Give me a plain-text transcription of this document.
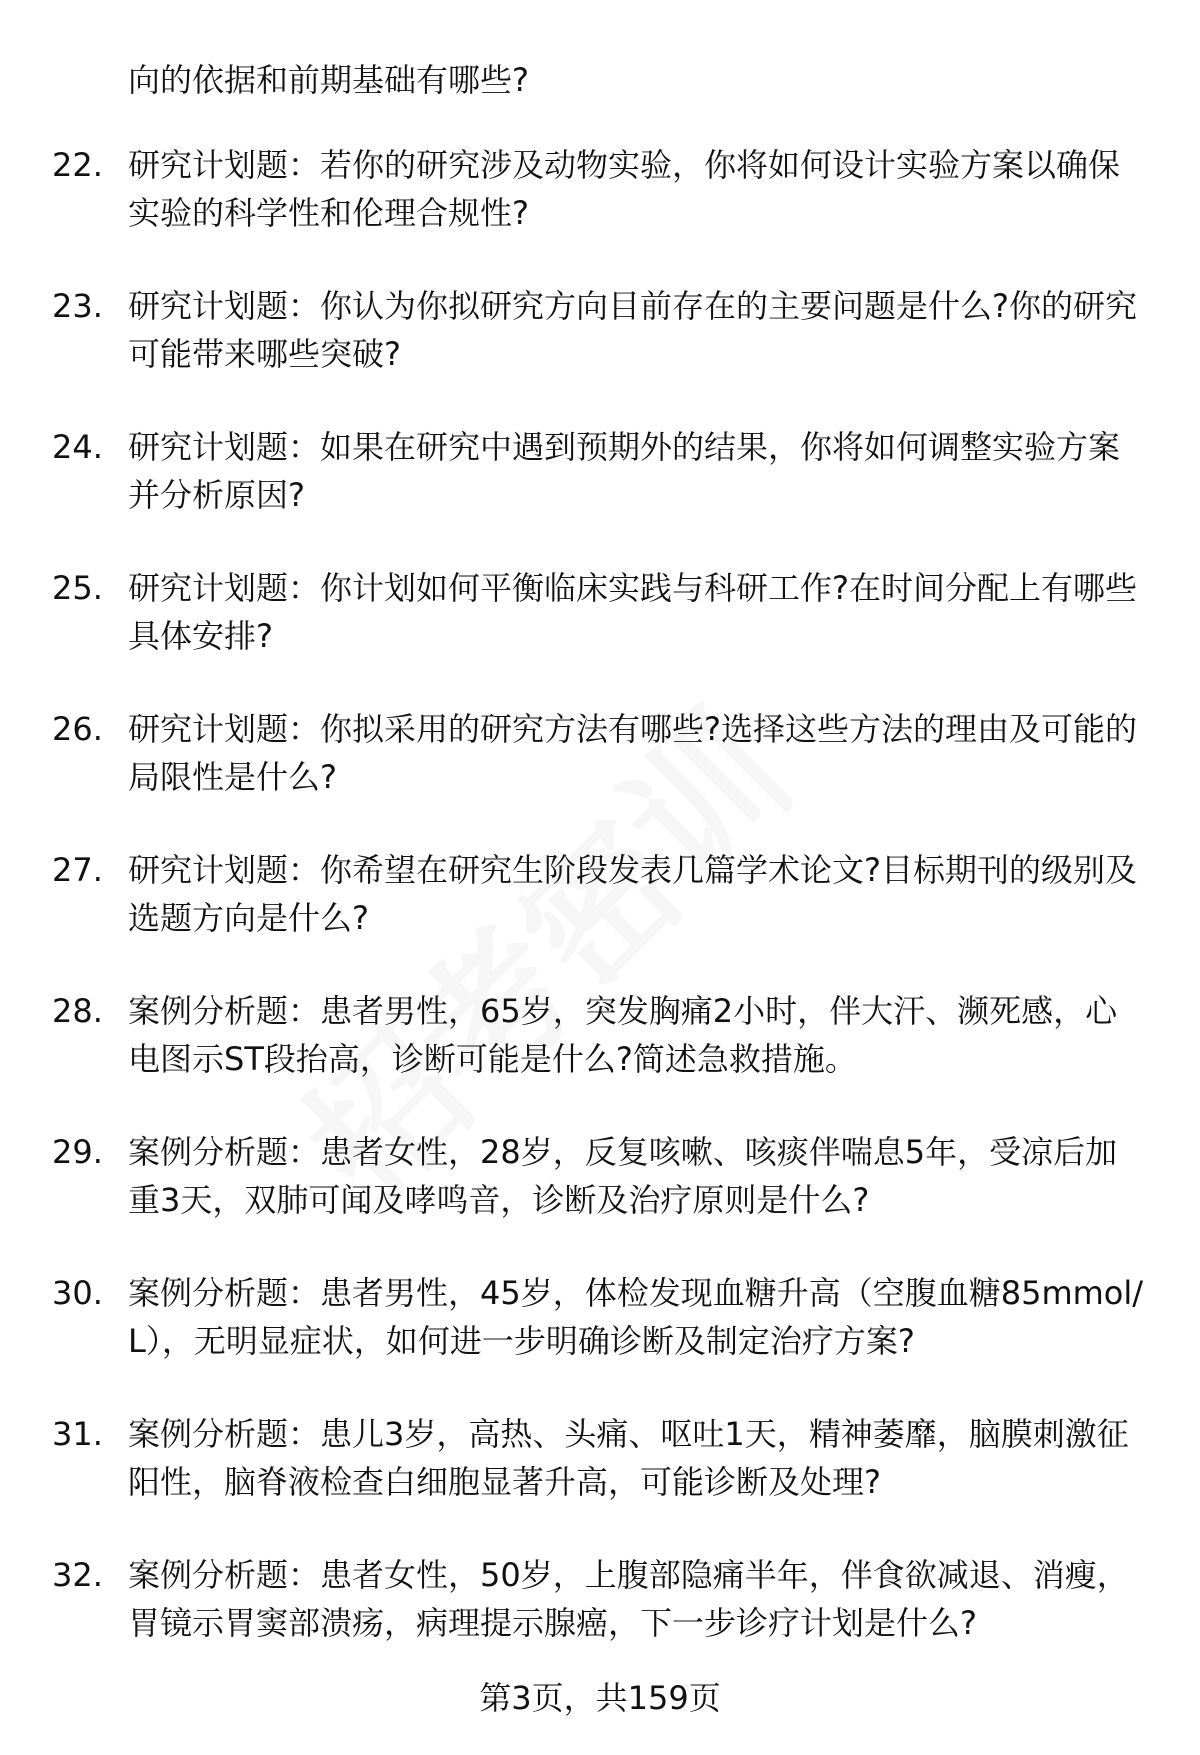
向的依据和前期基础有哪些?
22. 研究计划题：若你的研究涉及动物实验，你将如何设计实验方案以确保实验的科学性和伦理合规性?
23. 研究计划题：你认为你拟研究方向目前存在的主要问题是什么?你的研究可能带来哪些突破?
24. 研究计划题：如果在研究中遇到预期外的结果，你将如何调整实验方案并分析原因?
25. 研究计划题：你计划如何平衡临床实践与科研工作?在时间分配上有哪些具体安排?
26. 研究计划题：你拟采用的研究方法有哪些?选择这些方法的理由及可能的局限性是什么?
27. 研究计划题：你希望在研究生阶段发表几篇学术论文?目标期刊的级别及选题方向是什么?
28. 案例分析题：患者男性，65岁，突发胸痛2小时，伴大汗、濒死感，心电图示ST段抬高，诊断可能是什么?简述急救措施。
29. 案例分析题：患者女性，28岁，反复咳嗽、咳痰伴喘息5年，受凉后加重3天，双肺可闻及哮鸣音，诊断及治疗原则是什么?
30. 案例分析题：患者男性，45岁，体检发现血糖升高（空腹血糖85mmol/L），无明显症状，如何进一步明确诊断及制定治疗方案?
31. 案例分析题：患儿3岁，高热、头痛、呕吐1天，精神萎靡，脑膜刺激征阳性，脑脊液检查白细胞显著升高，可能诊断及处理?
32. 案例分析题：患者女性，50岁，上腹部隐痛半年，伴食欲减退、消瘦，胃镜示胃窦部溃疡，病理提示腺癌，下一步诊疗计划是什么?
第3页，共159页
